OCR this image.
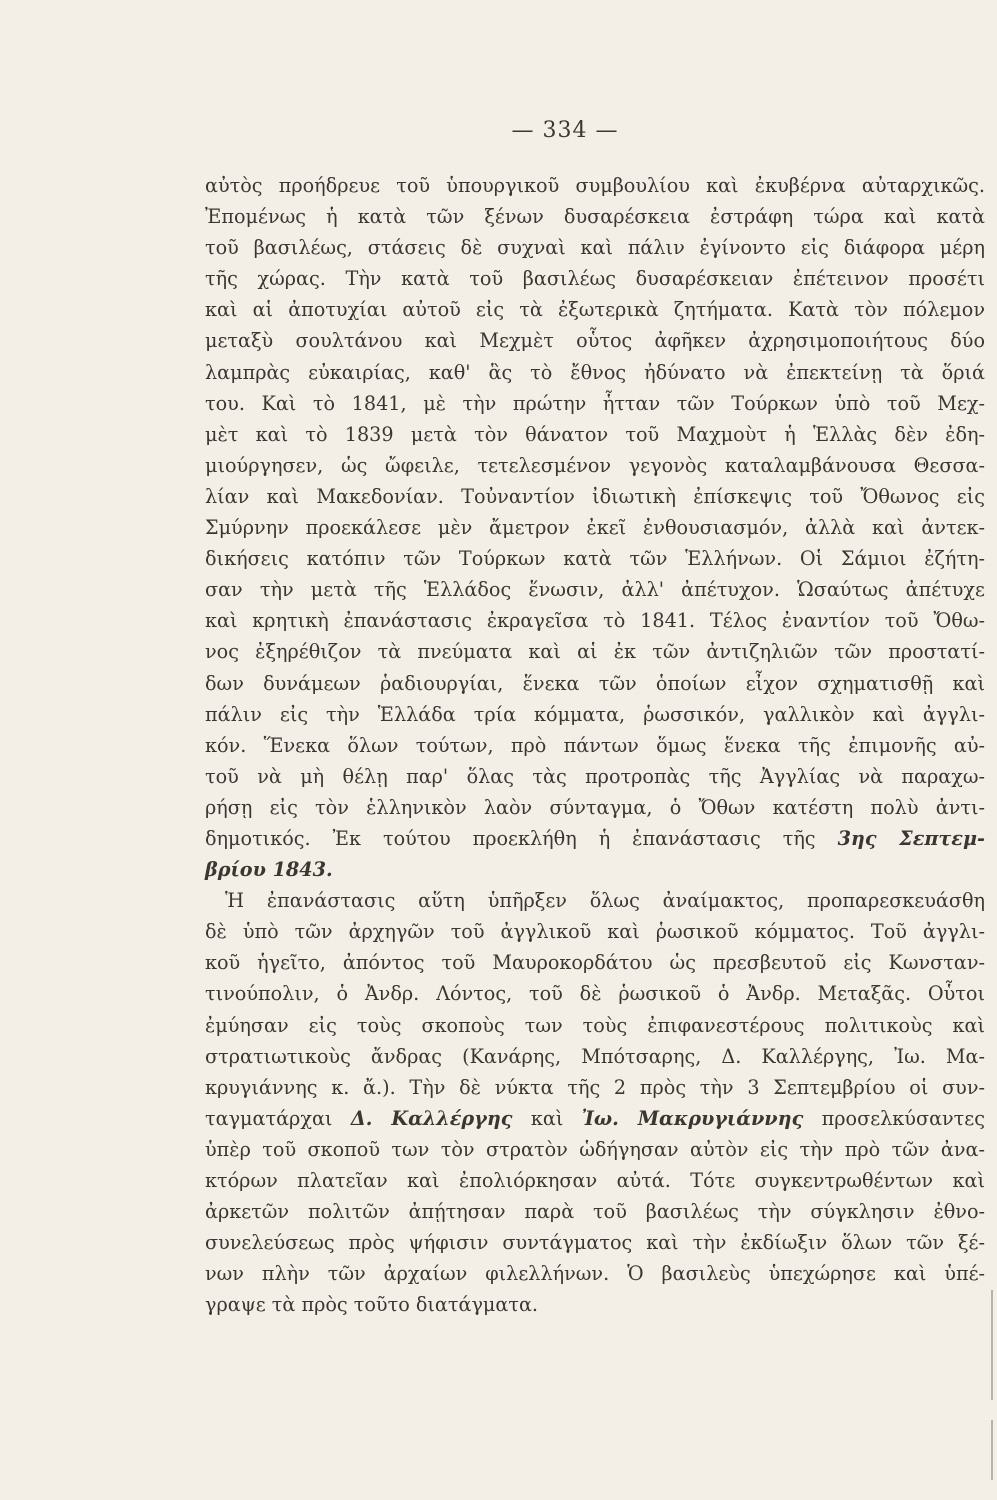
— 334 —
αὐτὸς προήδρευε τοῦ ὑπουργικοῦ συμβουλίου καὶ ἐκυβέρνα αὐταρχικῶς.
Ἐπομένως ἡ κατὰ τῶν ξένων δυσαρέσκεια ἐστράφη τώρα καὶ κατὰ
τοῦ βασιλέως, στάσεις δὲ συχναὶ καὶ πάλιν ἐγίνοντο εἰς διάφορα μέρη
τῆς χώρας. Τὴν κατὰ τοῦ βασιλέως δυσαρέσκειαν ἐπέτεινον προσέτι
καὶ αἱ ἀποτυχίαι αὐτοῦ εἰς τὰ ἐξωτερικὰ ζητήματα. Κατὰ τὸν πόλεμον
μεταξὺ σουλτάνου καὶ Μεχμὲτ οὗτος ἀφῆκεν ἀχρησιμοποιήτους δύο
λαμπρὰς εὐκαιρίας, καθ' ἃς τὸ ἔθνος ἠδύνατο νὰ ἐπεκτείνῃ τὰ ὅριά
του. Καὶ τὸ 1841, μὲ τὴν πρώτην ἧτταν τῶν Τούρκων ὑπὸ τοῦ Μεχ-
μὲτ καὶ τὸ 1839 μετὰ τὸν θάνατον τοῦ Μαχμοὺτ ἡ Ἑλλὰς δὲν ἐδη-
μιούργησεν, ὡς ὤφειλε, τετελεσμένον γεγονὸς καταλαμβάνουσα Θεσσα-
λίαν καὶ Μακεδονίαν. Τοὐναντίον ἰδιωτικὴ ἐπίσκεψις τοῦ Ὄθωνος εἰς
Σμύρνην προεκάλεσε μὲν ἄμετρον ἐκεῖ ἐνθουσιασμόν, ἀλλὰ καὶ ἀντεκ-
δικήσεις κατόπιν τῶν Τούρκων κατὰ τῶν Ἑλλήνων. Οἱ Σάμιοι ἐζήτη-
σαν τὴν μετὰ τῆς Ἑλλάδος ἕνωσιν, ἀλλ' ἀπέτυχον. Ὡσαύτως ἀπέτυχε
καὶ κρητικὴ ἐπανάστασις ἐκραγεῖσα τὸ 1841. Τέλος ἐναντίον τοῦ Ὄθω-
νος ἐξηρέθιζον τὰ πνεύματα καὶ αἱ ἐκ τῶν ἀντιζηλιῶν τῶν προστατί-
δων δυνάμεων ῥαδιουργίαι, ἕνεκα τῶν ὁποίων εἶχον σχηματισθῇ καὶ
πάλιν εἰς τὴν Ἑλλάδα τρία κόμματα, ῥωσσικόν, γαλλικὸν καὶ ἀγγλι-
κόν. Ἕνεκα ὅλων τούτων, πρὸ πάντων ὅμως ἕνεκα τῆς ἐπιμονῆς αὐ-
τοῦ νὰ μὴ θέλῃ παρ' ὅλας τὰς προτροπὰς τῆς Ἀγγλίας νὰ παραχω-
ρήσῃ εἰς τὸν ἑλληνικὸν λαὸν σύνταγμα, ὁ Ὄθων κατέστη πολὺ ἀντι-
δημοτικός. Ἐκ τούτου προεκλήθη ἡ ἐπανάστασις τῆς 3ης Σεπτεμ-
βρίου 1843.
Ἡ ἐπανάστασις αὕτη ὑπῆρξεν ὅλως ἀναίμακτος, προπαρεσκευάσθη
δὲ ὑπὸ τῶν ἀρχηγῶν τοῦ ἀγγλικοῦ καὶ ῥωσικοῦ κόμματος. Τοῦ ἀγγλι-
κοῦ ἡγεῖτο, ἀπόντος τοῦ Μαυροκορδάτου ὡς πρεσβευτοῦ εἰς Κωνσταν-
τινούπολιν, ὁ Ἀνδρ. Λόντος, τοῦ δὲ ῥωσικοῦ ὁ Ἀνδρ. Μεταξᾶς. Οὗτοι
ἐμύησαν εἰς τοὺς σκοποὺς των τοὺς ἐπιφανεστέρους πολιτικοὺς καὶ
στρατιωτικοὺς ἄνδρας (Κανάρης, Μπότσαρης, Δ. Καλλέργης, Ἰω. Μα-
κρυγιάννης κ. ἄ.). Τὴν δὲ νύκτα τῆς 2 πρὸς τὴν 3 Σεπτεμβρίου οἱ συν-
ταγματάρχαι Δ. Καλλέργης καὶ Ἰω. Μακρυγιάννης προσελκύσαντες
ὑπὲρ τοῦ σκοποῦ των τὸν στρατὸν ὡδήγησαν αὐτὸν εἰς τὴν πρὸ τῶν ἀνα-
κτόρων πλατεῖαν καὶ ἐπολιόρκησαν αὐτά. Τότε συγκεντρωθέντων καὶ
ἀρκετῶν πολιτῶν ἀπῄτησαν παρὰ τοῦ βασιλέως τὴν σύγκλησιν ἐθνο-
συνελεύσεως πρὸς ψήφισιν συντάγματος καὶ τὴν ἐκδίωξιν ὅλων τῶν ξέ-
νων πλὴν τῶν ἀρχαίων φιλελλήνων. Ὁ βασιλεὺς ὑπεχώρησε καὶ ὑπέ-
γραψε τὰ πρὸς τοῦτο διατάγματα.
